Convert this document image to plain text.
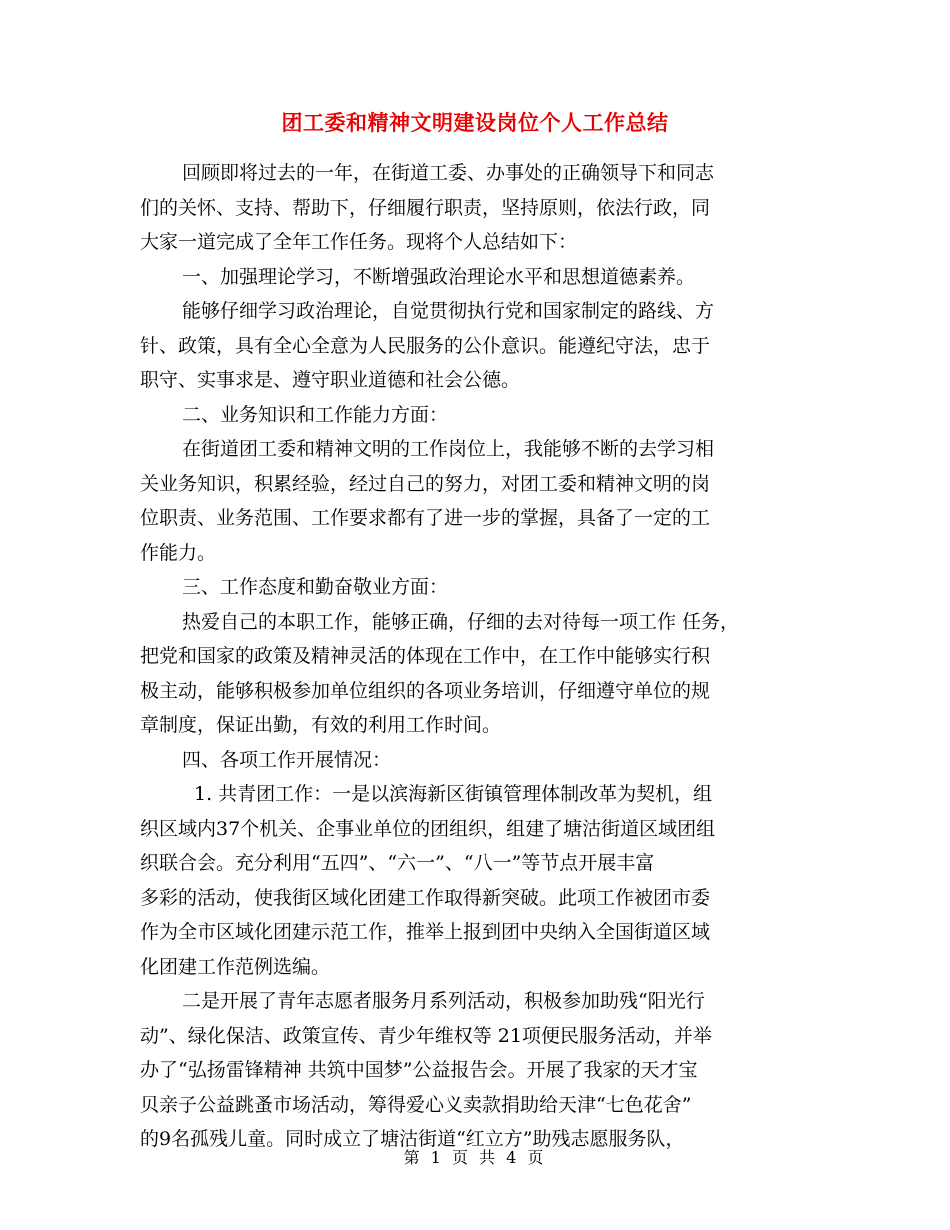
团工委和精神文明建设岗位个人工作总结
回顾即将过去的一年，在街道工委、办事处的正确领导下和同志
们的关怀、支持、帮助下，仔细履行职责，坚持原则，依法行政，同
大家一道完成了全年工作任务。现将个人总结如下：
一、加强理论学习，不断增强政治理论水平和思想道德素养。
能够仔细学习政治理论，自觉贯彻执行党和国家制定的路线、方
针、政策，具有全心全意为人民服务的公仆意识。能遵纪守法，忠于
职守、实事求是、遵守职业道德和社会公德。
二、业务知识和工作能力方面：
在街道团工委和精神文明的工作岗位上，我能够不断的去学习相
关业务知识，积累经验，经过自己的努力，对团工委和精神文明的岗
位职责、业务范围、工作要求都有了进一步的掌握，具备了一定的工
作能力。
三、工作态度和勤奋敬业方面：
热爱自己的本职工作，能够正确，仔细的去对待每一项工作 任务，
把党和国家的政策及精神灵活的体现在工作中，在工作中能够实行积
极主动，能够积极参加单位组织的各项业务培训，仔细遵守单位的规
章制度，保证出勤，有效的利用工作时间。
四、各项工作开展情况：
1. 共青团工作：一是以滨海新区街镇管理体制改革为契机，组
织区域内37个机关、企事业单位的团组织，组建了塘沽街道区域团组
织联合会。充分利用“五四”、“六一”、“八一”等节点开展丰富
多彩的活动，使我街区域化团建工作取得新突破。此项工作被团市委
作为全市区域化团建示范工作，推举上报到团中央纳入全国街道区域
化团建工作范例选编。
二是开展了青年志愿者服务月系列活动，积极参加助残“阳光行
动”、绿化保洁、政策宣传、青少年维权等 21项便民服务活动，并举
办了“弘扬雷锋精神 共筑中国梦”公益报告会。开展了我家的天才宝
贝亲子公益跳蚤市场活动，筹得爱心义卖款捐助给天津“七色花舍”
的9名孤残儿童。同时成立了塘沽街道“红立方”助残志愿服务队，
第 1 页 共 4 页
